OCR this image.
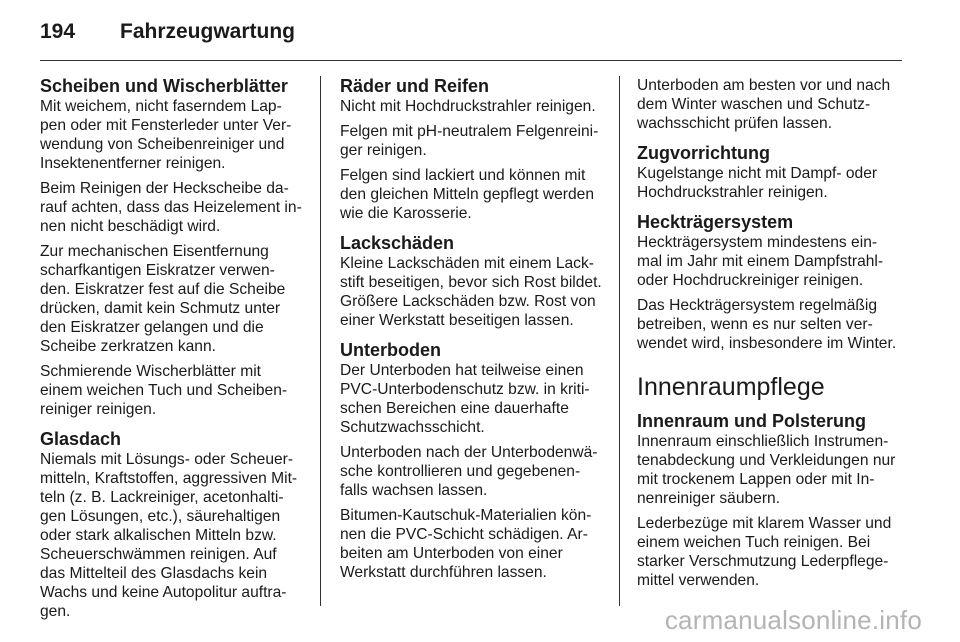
194 Fahrzeugwartung
Scheiben und Wischerblätter

Mit weichem, nicht faserndem Lap-
pen oder mit Fensterleder unter Ver-
wendung von Scheibenreiniger und
Insektenentferner reinigen.

Beim Reinigen der Heckscheibe da-
rauf achten, dass das Heizelement in-
nen nicht beschädigt wird.

Zur mechanischen Eisentfernung
scharfkantigen Eiskratzer verwen-
den. Eiskratzer fest auf die Scheibe
drücken, damit kein Schmutz unter
den Eiskratzer gelangen und die
Scheibe zerkratzen kann.

Schmierende Wischerblätter mit
einem weichen Tuch und Scheiben-
reiniger reinigen.

Glasdach

Niemals mit Lösungs- oder Scheuer-
mitteln, Kraftstoffen, aggressiven Mit-
teln (z. B. Lackreiniger, acetonhalti-
gen Lösungen, etc.), säurehaltigen
oder stark alkalischen Mitteln bzw.
Scheuerschwämmen reinigen. Auf
das Mittelteil des Glasdachs kein
Wachs und keine Autopolitur auftra-
gen.

Räder und Reifen

Nicht mit Hochdruckstrahler reinigen.

Felgen mit pH-neutralem Felgenreini-
ger reinigen.

Felgen sind lackiert und können mit
den gleichen Mitteln gepflegt werden
wie die Karosserie.

Lackschäden

Kleine Lackschäden mit einem Lack-
stift beseitigen, bevor sich Rost bildet.
Größere Lackschäden bzw. Rost von
einer Werkstatt beseitigen lassen.

Unterboden

Der Unterboden hat teilweise einen
PVC-Unterbodenschutz bzw. in kriti-
schen Bereichen eine dauerhafte
Schutzwachsschicht.

Unterboden nach der Unterbodenwä-
sche kontrollieren und gegebenen-
falls wachsen lassen.

Bitumen-Kautschuk-Materialien kön-
nen die PVC-Schicht schädigen. Ar-
beiten am Unterboden von einer
Werkstatt durchführen lassen.

Unterboden am besten vor und nach
dem Winter waschen und Schutz-
wachsschicht prüfen lassen.

Zugvorrichtung

Kugelstange nicht mit Dampf- oder
Hochdruckstrahler reinigen.

Heckträgersystem

Heckträgersystem mindestens ein-
mal im Jahr mit einem Dampfstrahl-
oder Hochdruckreiniger reinigen.

Das Heckträgersystem regelmäßig
betreiben, wenn es nur selten ver-
wendet wird, insbesondere im Winter.

Innenraumpflege
Innenraum und Polsterung

Innenraum einschließlich Instrumen-
tenabdeckung und Verkleidungen nur
mit trockenem Lappen oder mit In-
nenreiniger säubern.

Lederbezüge mit klarem Wasser und
einem weichen Tuch reinigen. Bei
starker Verschmutzung Lederpflege-
mittel verwenden.

carmanualsonline.info
